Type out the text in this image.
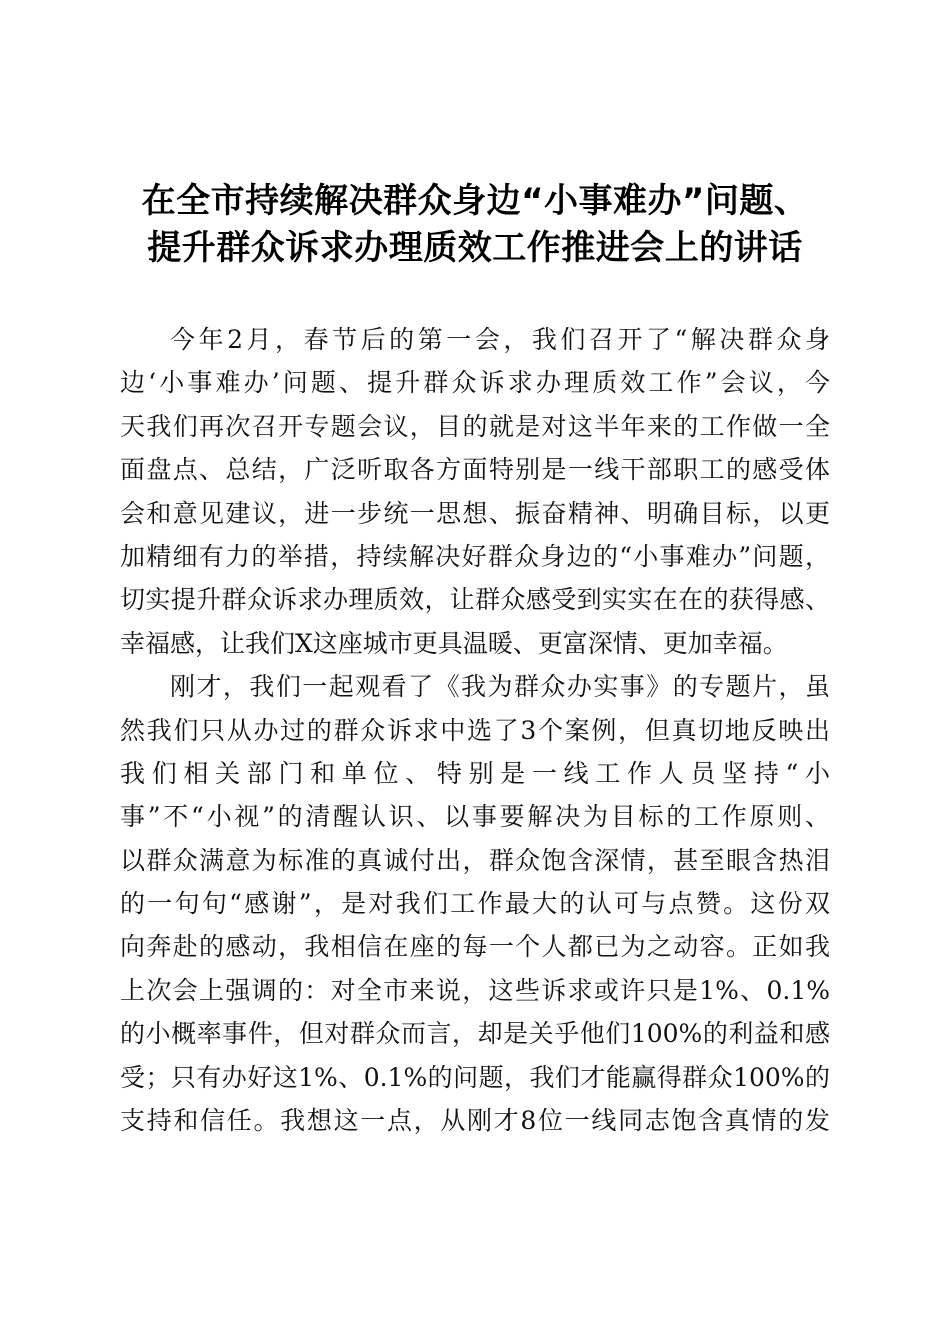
在全市持续解决群众身边“小事难办”问题、
提升群众诉求办理质效工作推进会上的讲话
今年2月，春节后的第一会，我们召开了“解决群众身
边‘小事难办’问题、提升群众诉求办理质效工作”会议，今
天我们再次召开专题会议，目的就是对这半年来的工作做一全
面盘点、总结，广泛听取各方面特别是一线干部职工的感受体
会和意见建议，进一步统一思想、振奋精神、明确目标，以更
加精细有力的举措，持续解决好群众身边的“小事难办”问题，
切实提升群众诉求办理质效，让群众感受到实实在在的获得感、
幸福感，让我们X这座城市更具温暖、更富深情、更加幸福。
刚才，我们一起观看了《我为群众办实事》的专题片，虽
然我们只从办过的群众诉求中选了3个案例，但真切地反映出
我们相关部门和单位、特别是一线工作人员坚持“小
事”不“小视”的清醒认识、以事要解决为目标的工作原则、
以群众满意为标准的真诚付出，群众饱含深情，甚至眼含热泪
的一句句“感谢”，是对我们工作最大的认可与点赞。这份双
向奔赴的感动，我相信在座的每一个人都已为之动容。正如我
上次会上强调的：对全市来说，这些诉求或许只是1%、0.1%
的小概率事件，但对群众而言，却是关乎他们100%的利益和感
受；只有办好这1%、0.1%的问题，我们才能赢得群众100%的
支持和信任。我想这一点，从刚才8位一线同志饱含真情的发
